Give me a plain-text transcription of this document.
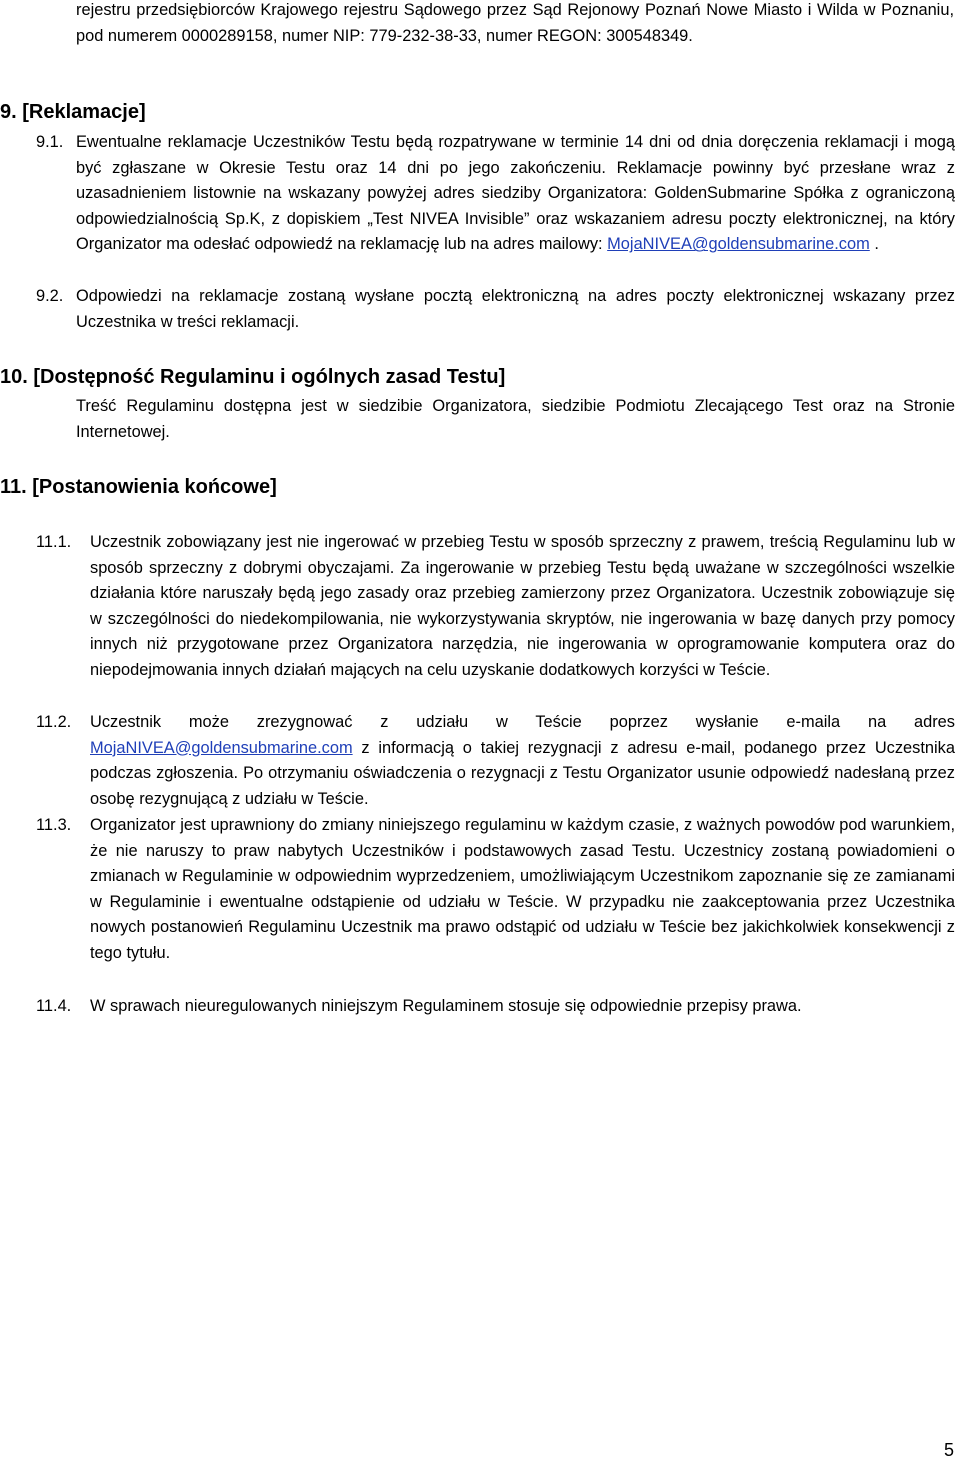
rejestru przedsiębiorców Krajowego rejestru Sądowego przez Sąd Rejonowy Poznań Nowe Miasto i Wilda w Poznaniu, pod numerem 0000289158, numer NIP: 779-232-38-33, numer REGON: 300548349.

9. [Reklamacje]
9.1. Ewentualne reklamacje Uczestników Testu będą rozpatrywane w terminie 14 dni od dnia doręczenia reklamacji i mogą być zgłaszane w Okresie Testu oraz 14 dni po jego zakończeniu. Reklamacje powinny być przesłane wraz z uzasadnieniem listownie na wskazany powyżej adres siedziby Organizatora: GoldenSubmarine Spółka z ograniczoną odpowiedzialnością Sp.K, z dopiskiem „Test NIVEA Invisible” oraz wskazaniem adresu poczty elektronicznej, na który Organizator ma odesłać odpowiedź na reklamację lub na adres mailowy: MojaNIVEA@goldensubmarine.com .

9.2. Odpowiedzi na reklamacje zostaną wysłane pocztą elektroniczną na adres poczty elektronicznej wskazany przez Uczestnika w treści reklamacji.

10. [Dostępność Regulaminu i ogólnych zasad Testu]

Treść Regulaminu dostępna jest w siedzibie Organizatora, siedzibie Podmiotu Zlecającego Test oraz na Stronie Internetowej.

11. [Postanowienia końcowe]
11.1. Uczestnik zobowiązany jest nie ingerować w przebieg Testu w sposób sprzeczny z prawem, treścią Regulaminu lub w sposób sprzeczny z dobrymi obyczajami. Za ingerowanie w przebieg Testu będą uważane w szczególności wszelkie działania które naruszały będą jego zasady oraz przebieg zamierzony przez Organizatora. Uczestnik zobowiązuje się w szczególności do niedekompilowania, nie wykorzystywania skryptów, nie ingerowania w bazę danych przy pomocy innych niż przygotowane przez Organizatora narzędzia, nie ingerowania w oprogramowanie komputera oraz do niepodejmowania innych działań mających na celu uzyskanie dodatkowych korzyści w Teście.

11.2. Uczestnik może zrezygnować z udziału w Teście poprzez wysłanie e-maila na adres MojaNIVEA@goldensubmarine.com z informacją o takiej rezygnacji z adresu e-mail, podanego przez Uczestnika podczas zgłoszenia. Po otrzymaniu oświadczenia o rezygnacji z Testu Organizator usunie odpowiedź nadesłaną przez osobę rezygnującą z udziału w Teście.

11.3. Organizator jest uprawniony do zmiany niniejszego regulaminu w każdym czasie, z ważnych powodów pod warunkiem, że nie naruszy to praw nabytych Uczestników i podstawowych zasad Testu. Uczestnicy zostaną powiadomieni o zmianach w Regulaminie w odpowiednim wyprzedzeniem, umożliwiającym Uczestnikom zapoznanie się ze zamianami w Regulaminie i ewentualne odstąpienie od udziału w Teście. W przypadku nie zaakceptowania przez Uczestnika nowych postanowień Regulaminu Uczestnik ma prawo odstąpić od udziału w Teście bez jakichkolwiek konsekwencji z tego tytułu.

11.4. W sprawach nieuregulowanych niniejszym Regulaminem stosuje się odpowiednie przepisy prawa.

5
